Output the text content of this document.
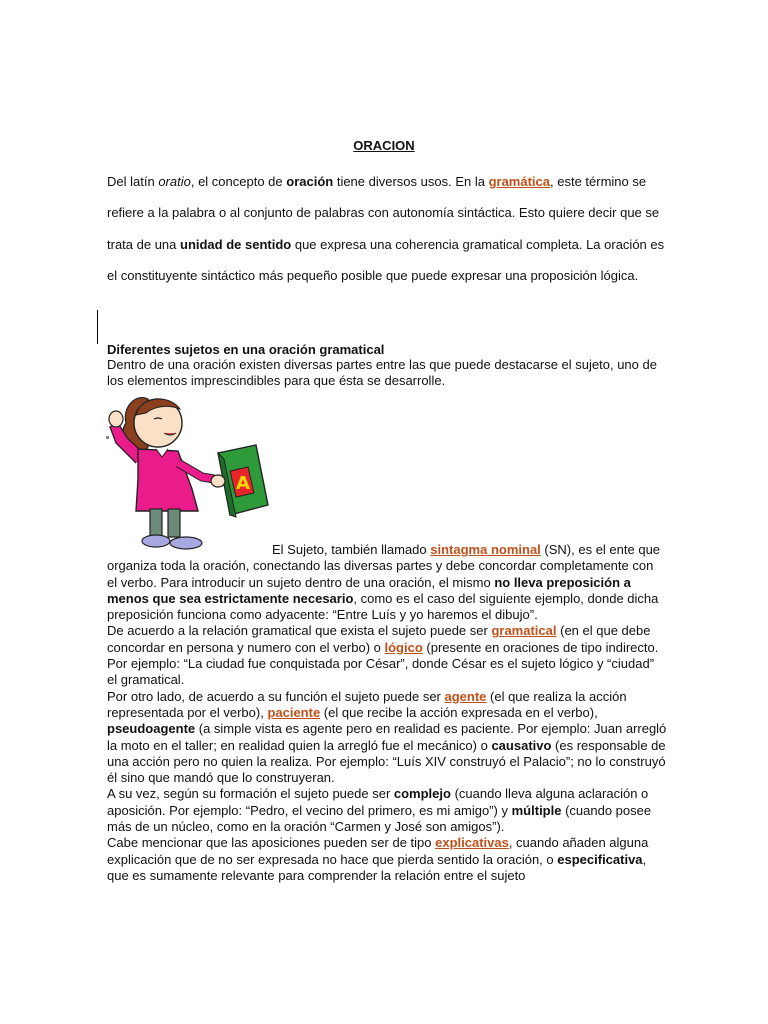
ORACION
Del latín oratio, el concepto de oración tiene diversos usos. En la gramática, este término se refiere a la palabra o al conjunto de palabras con autonomía sintáctica. Esto quiere decir que se trata de una unidad de sentido que expresa una coherencia gramatical completa. La oración es el constituyente sintáctico más pequeño posible que puede expresar una proposición lógica.
Diferentes sujetos en una oración gramatical
Dentro de una oración existen diversas partes entre las que puede destacarse el sujeto, uno de los elementos imprescindibles para que ésta se desarrolle.
A

El Sujeto, también llamado sintagma nominal (SN), es el ente que organiza toda la oración, conectando las diversas partes y debe concordar completamente con el verbo. Para introducir un sujeto dentro de una oración, el mismo no lleva preposición a menos que sea estrictamente necesario, como es el caso del siguiente ejemplo, donde dicha preposición funciona como adyacente: “Entre Luís y yo haremos el dibujo”.

De acuerdo a la relación gramatical que exista el sujeto puede ser gramatical (en el que debe concordar en persona y numero con el verbo) o lógico (presente en oraciones de tipo indirecto. Por ejemplo: “La ciudad fue conquistada por César”, donde César es el sujeto lógico y “ciudad” el gramatical.

Por otro lado, de acuerdo a su función el sujeto puede ser agente (el que realiza la acción representada por el verbo), paciente (el que recibe la acción expresada en el verbo), pseudoagente (a simple vista es agente pero en realidad es paciente. Por ejemplo: Juan arregló la moto en el taller; en realidad quien la arregló fue el mecánico) o causativo (es responsable de una acción pero no quien la realiza. Por ejemplo: “Luís XIV construyó el Palacio”; no lo construyó él sino que mandó que lo construyeran.

A su vez, según su formación el sujeto puede ser complejo (cuando lleva alguna aclaración o aposición. Por ejemplo: “Pedro, el vecino del primero, es mi amigo”) y múltiple (cuando posee más de un núcleo, como en la oración “Carmen y José son amigos”).

Cabe mencionar que las aposiciones pueden ser de tipo explicativas, cuando añaden alguna explicación que de no ser expresada no hace que pierda sentido la oración, o especificativa, que es sumamente relevante para comprender la relación entre el sujeto
